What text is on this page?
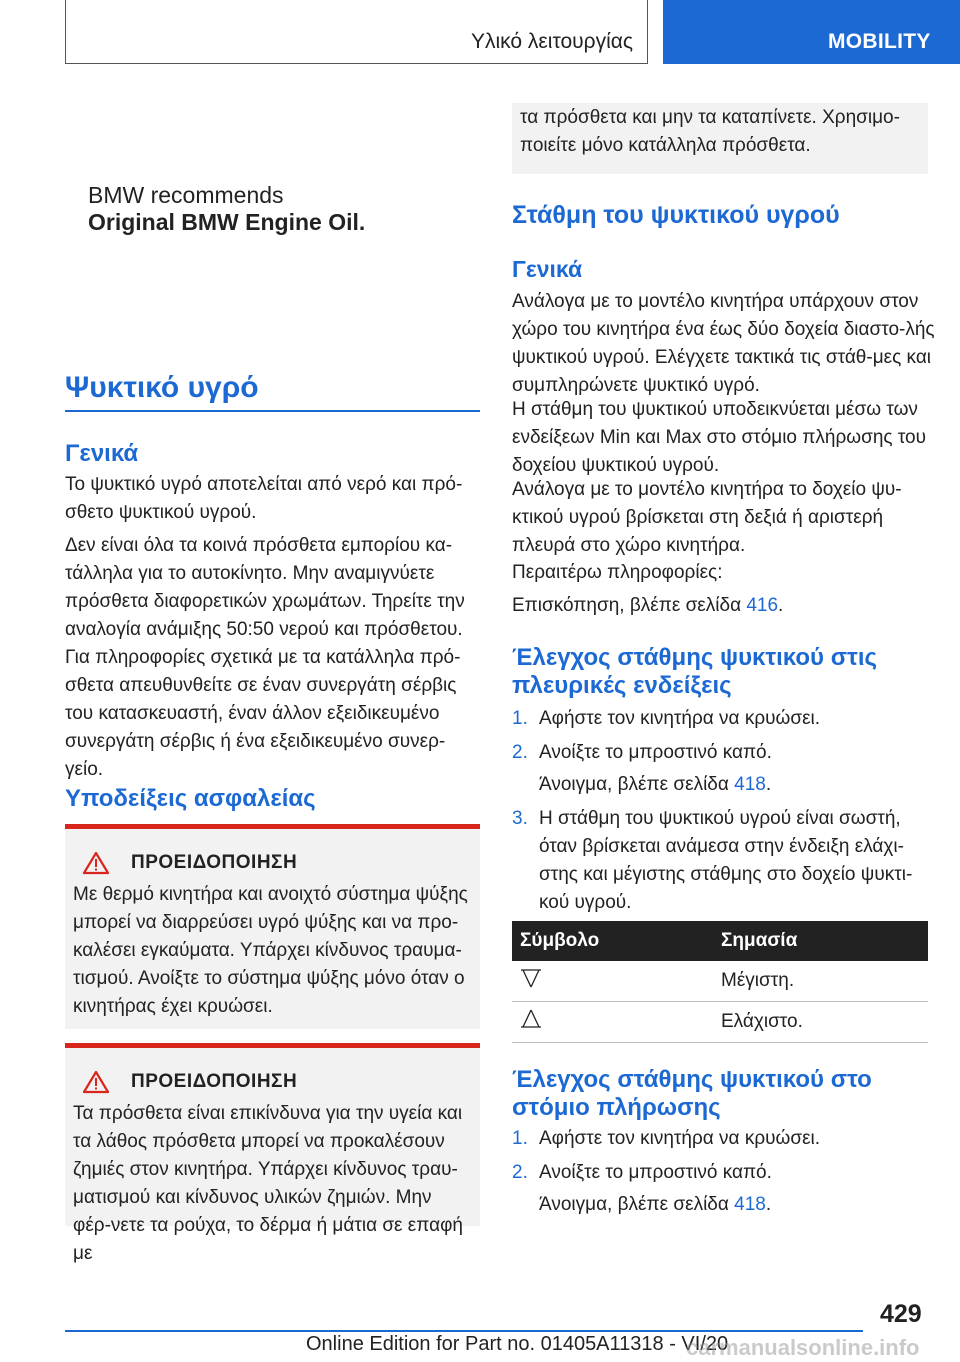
Υλικό λειτουργίας	MOBILITY
BMW recommends
Original BMW Engine Oil.
Ψυκτικό υγρό
Γενικά
Το ψυκτικό υγρό αποτελείται από νερό και πρό-σθετο ψυκτικού υγρού.
Δεν είναι όλα τα κοινά πρόσθετα εμπορίου κα-τάλληλα για το αυτοκίνητο. Μην αναμιγνύετε πρόσθετα διαφορετικών χρωμάτων. Τηρείτε την αναλογία ανάμιξης 50:50 νερού και πρόσθετου. Για πληροφορίες σχετικά με τα κατάλληλα πρό-σθετα απευθυνθείτε σε έναν συνεργάτη σέρβις του κατασκευαστή, έναν άλλον εξειδικευμένο συνεργάτη σέρβις ή ένα εξειδικευμένο συνερ-γείο.
Υποδείξεις ασφαλείας
ΠΡΟΕΙΔΟΠΟΙΗΣΗ

Με θερμό κινητήρα και ανοιχτό σύστημα ψύξης μπορεί να διαρρεύσει υγρό ψύξης και να προ-καλέσει εγκαύματα. Υπάρχει κίνδυνος τραυμα-τισμού. Ανοίξτε το σύστημα ψύξης μόνο όταν ο κινητήρας έχει κρυώσει.

ΠΡΟΕΙΔΟΠΟΙΗΣΗ

Τα πρόσθετα είναι επικίνδυνα για την υγεία και τα λάθος πρόσθετα μπορεί να προκαλέσουν ζημιές στον κινητήρα. Υπάρχει κίνδυνος τραυ-ματισμού και κίνδυνος υλικών ζημιών. Μην φέρ-νετε τα ρούχα, το δέρμα ή μάτια σε επαφή με

τα πρόσθετα και μην τα καταπίνετε. Χρησιμο-ποιείτε μόνο κατάλληλα πρόσθετα.

Στάθμη του ψυκτικού υγρού
Γενικά
Ανάλογα με το μοντέλο κινητήρα υπάρχουν στον χώρο του κινητήρα ένα έως δύο δοχεία διαστο-λής ψυκτικού υγρού. Ελέγχετε τακτικά τις στάθ-μες και συμπληρώνετε ψυκτικό υγρό.
Η στάθμη του ψυκτικού υποδεικνύεται μέσω των ενδείξεων Min και Max στο στόμιο πλήρωσης του δοχείου ψυκτικού υγρού.
Ανάλογα με το μοντέλο κινητήρα το δοχείο ψυ-κτικού υγρού βρίσκεται στη δεξιά ή αριστερή πλευρά στο χώρο κινητήρα.
Περαιτέρω πληροφορίες:
Επισκόπηση, βλέπε σελίδα 416.
Έλεγχος στάθμης ψυκτικού στις πλευρικές ενδείξεις
1. Αφήστε τον κινητήρα να κρυώσει.
2. Ανοίξτε το μπροστινό καπό.
Άνοιγμα, βλέπε σελίδα 418.
3. Η στάθμη του ψυκτικού υγρού είναι σωστή, όταν βρίσκεται ανάμεσα στην ένδειξη ελάχι-στης και μέγιστης στάθμης στο δοχείο ψυκτι-κού υγρού.
Σύμβολο	Σημασία
	Μέγιστη.
	Ελάχιστο.
Έλεγχος στάθμης ψυκτικού στο στόμιο πλήρωσης
1. Αφήστε τον κινητήρα να κρυώσει.
2. Ανοίξτε το μπροστινό καπό.
Άνοιγμα, βλέπε σελίδα 418.
429
Online Edition for Part no. 01405A11318 - VI/20
carmanualsonline.info
